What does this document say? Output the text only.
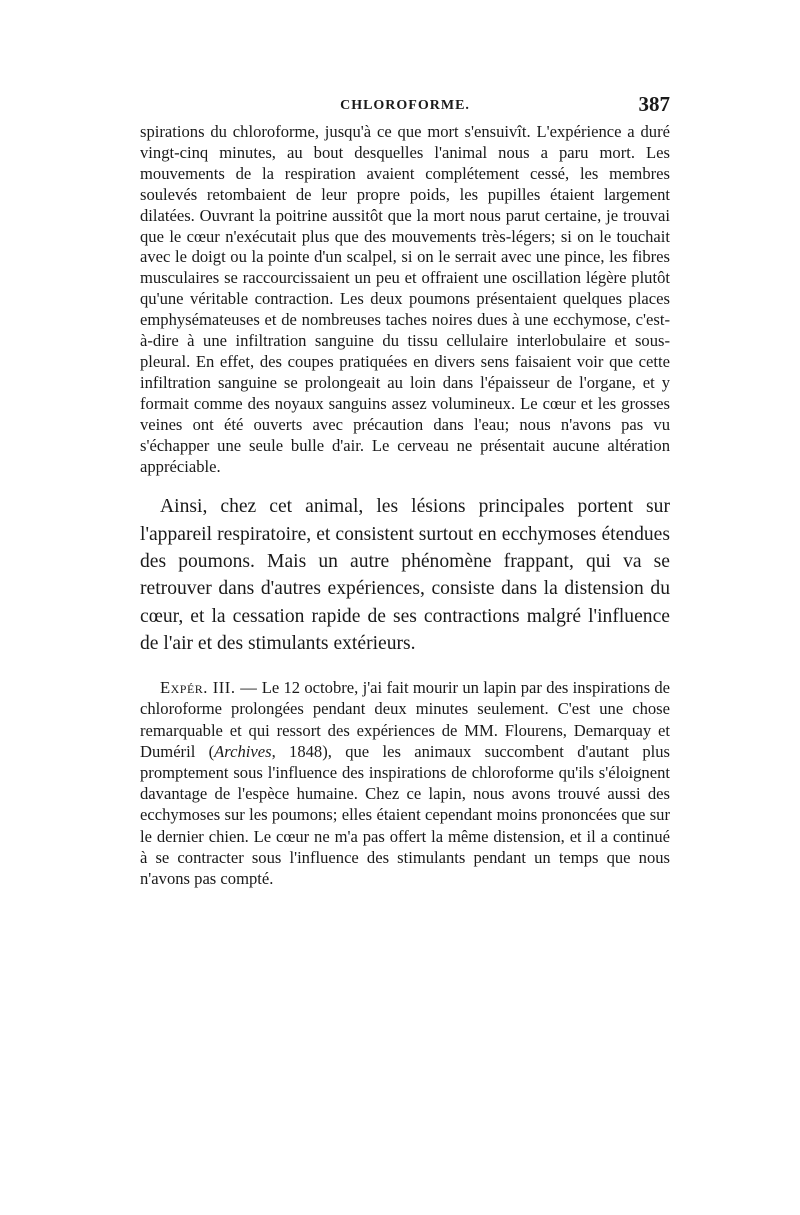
CHLOROFORME.	387

spirations du chloroforme, jusqu'à ce que mort s'ensuivît. L'expérience a duré vingt-cinq minutes, au bout desquelles l'animal nous a paru mort. Les mouvements de la respiration avaient complétement cessé, les membres soulevés retombaient de leur propre poids, les pupilles étaient largement dilatées. Ouvrant la poitrine aussitôt que la mort nous parut certaine, je trouvai que le cœur n'exécutait plus que des mouvements très-légers; si on le touchait avec le doigt ou la pointe d'un scalpel, si on le serrait avec une pince, les fibres musculaires se raccourcissaient un peu et offraient une oscillation légère plutôt qu'une véritable contraction. Les deux poumons présentaient quelques places emphysémateuses et de nombreuses taches noires dues à une ecchymose, c'est-à-dire à une infiltration sanguine du tissu cellulaire interlobulaire et sous-pleural. En effet, des coupes pratiquées en divers sens faisaient voir que cette infiltration sanguine se prolongeait au loin dans l'épaisseur de l'organe, et y formait comme des noyaux sanguins assez volumineux. Le cœur et les grosses veines ont été ouverts avec précaution dans l'eau; nous n'avons pas vu s'échapper une seule bulle d'air. Le cerveau ne présentait aucune altération appréciable.

Ainsi, chez cet animal, les lésions principales portent sur l'appareil respiratoire, et consistent surtout en ecchymoses étendues des poumons. Mais un autre phénomène frappant, qui va se retrouver dans d'autres expériences, consiste dans la distension du cœur, et la cessation rapide de ses contractions malgré l'influence de l'air et des stimulants extérieurs.

Expér. III. — Le 12 octobre, j'ai fait mourir un lapin par des inspirations de chloroforme prolongées pendant deux minutes seulement. C'est une chose remarquable et qui ressort des expériences de MM. Flourens, Demarquay et Duméril (Archives, 1848), que les animaux succombent d'autant plus promptement sous l'influence des inspirations de chloroforme qu'ils s'éloignent davantage de l'espèce humaine. Chez ce lapin, nous avons trouvé aussi des ecchymoses sur les poumons; elles étaient cependant moins prononcées que sur le dernier chien. Le cœur ne m'a pas offert la même distension, et il a continué à se contracter sous l'influence des stimulants pendant un temps que nous n'avons pas compté.
